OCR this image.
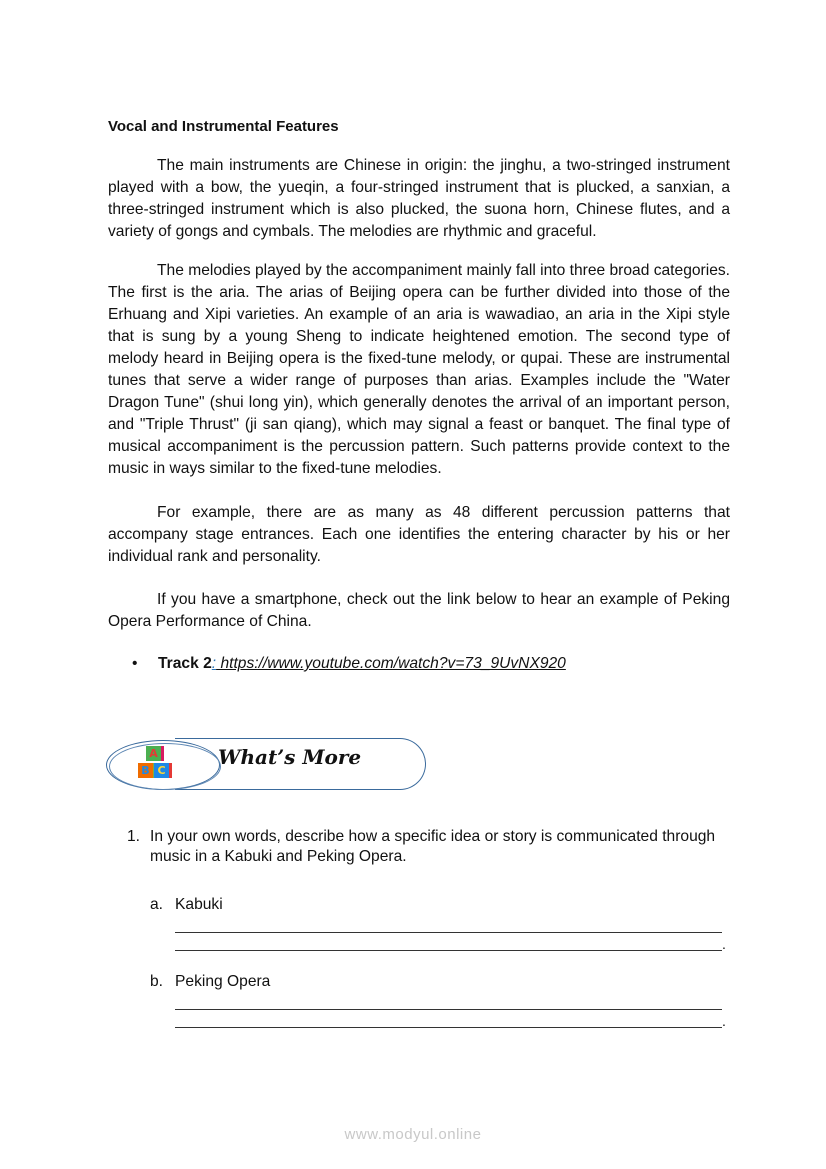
Vocal and Instrumental Features

The main instruments are Chinese in origin: the jinghu, a two-stringed instrument played with a bow, the yueqin, a four-stringed instrument that is plucked, a sanxian, a three-stringed instrument which is also plucked, the suona horn, Chinese flutes, and a variety of gongs and cymbals. The melodies are rhythmic and graceful.

The melodies played by the accompaniment mainly fall into three broad categories. The first is the aria. The arias of Beijing opera can be further divided into those of the Erhuang and Xipi varieties. An example of an aria is wawadiao, an aria in the Xipi style that is sung by a young Sheng to indicate heightened emotion. The second type of melody heard in Beijing opera is the fixed-tune melody, or qupai. These are instrumental tunes that serve a wider range of purposes than arias. Examples include the "Water Dragon Tune" (shui long yin), which generally denotes the arrival of an important person, and "Triple Thrust" (ji san qiang), which may signal a feast or banquet. The final type of musical accompaniment is the percussion pattern. Such patterns provide context to the music in ways similar to the fixed-tune melodies.

For example, there are as many as 48 different percussion patterns that accompany stage entrances. Each one identifies the entering character by his or her individual rank and personality.

If you have a smartphone, check out the link below to hear an example of Peking Opera Performance of China.

• Track 2: https://www.youtube.com/watch?v=73_9UvNX920
A
B C
What’s More
1. In your own words, describe how a specific idea or story is communicated through music in a Kabuki and Peking Opera.
a. Kabuki
.
b. Peking Opera
.
www.modyul.online
